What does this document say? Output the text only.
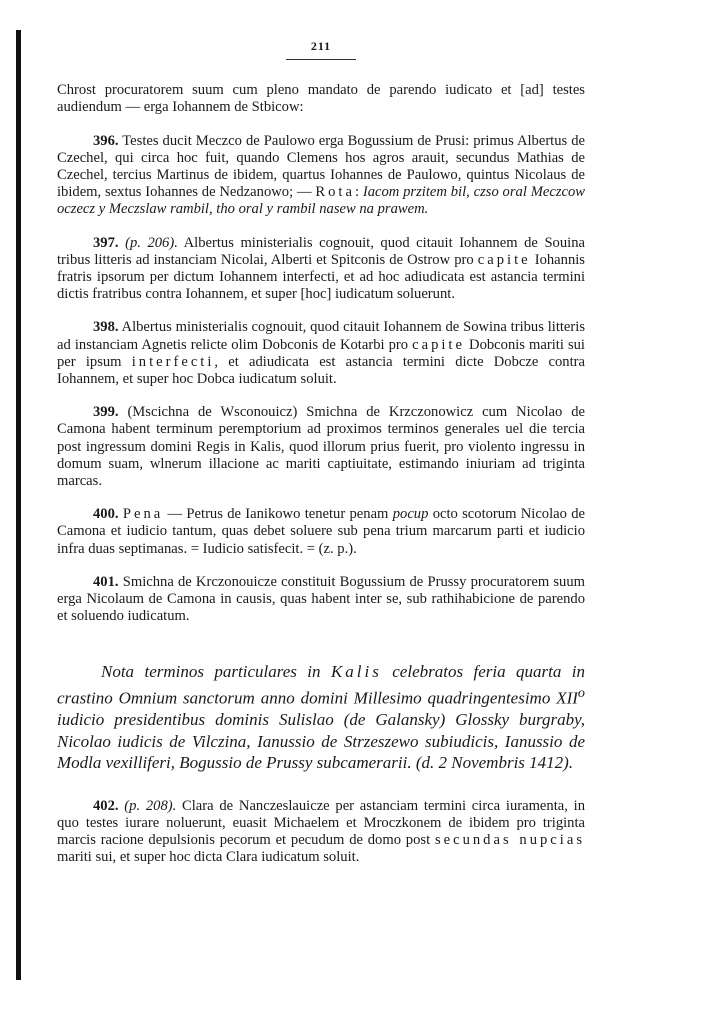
211

Chrost procuratorem suum cum pleno mandato de parendo iudicato et [ad] testes audiendum — erga Iohannem de Stbicow:

396. Testes ducit Meczco de Paulowo erga Bogussium de Prusi: primus Albertus de Czechel, qui circa hoc fuit, quando Clemens hos agros arauit, secundus Mathias de Czechel, tercius Martinus de ibidem, quartus Iohannes de Paulowo, quintus Nicolaus de ibidem, sextus Iohannes de Nedzanowo; — Rota: Iacom przitem bil, czso oral Meczcow oczecz y Meczslaw rambil, tho oral y rambil nasew na prawem.

397. (p. 206). Albertus ministerialis cognouit, quod citauit Iohannem de Souina tribus litteris ad instanciam Nicolai, Alberti et Spitconis de Ostrow pro capite Iohannis fratris ipsorum per dictum Iohannem interfecti, et ad hoc adiudicata est astancia termini dictis fratribus contra Iohannem, et super [hoc] iudicatum soluerunt.

398. Albertus ministerialis cognouit, quod citauit Iohannem de Sowina tribus litteris ad instanciam Agnetis relicte olim Dobconis de Kotarbi pro capite Dobconis mariti sui per ipsum interfecti, et adiudicata est astancia termini dicte Dobcze contra Iohannem, et super hoc Dobca iudicatum soluit.

399. (Mscichna de Wsconouicz) Smichna de Krzczonowicz cum Nicolao de Camona habent terminum peremptorium ad proximos terminos generales uel die tercia post ingressum domini Regis in Kalis, quod illorum prius fuerit, pro violento ingressu in domum suam, wlnerum illacione ac mariti captiuitate, estimando iniuriam ad triginta marcas.

400. Pena — Petrus de Ianikowo tenetur penam pocup octo scotorum Nicolao de Camona et iudicio tantum, quas debet soluere sub pena trium marcarum parti et iudicio infra duas septimanas. = Iudicio satisfecit. = (z. p.).

401. Smichna de Krczonouicze constituit Bogussium de Prussy procuratorem suum erga Nicolaum de Camona in causis, quas habent inter se, sub rathihabicione de parendo et soluendo iudicatum.

Nota terminos particulares in Kalis celebratos feria quarta in crastino Omnium sanctorum anno domini Millesimo quadringentesimo XII$^o$ iudicio presidentibus dominis Sulislao (de Galansky) Glossky burgraby, Nicolao iudicis de Vilczina, Ianussio de Strzeszewo subiudicis, Ianussio de Modla vexilliferi, Bogussio de Prussy subcamerarii. (d. 2 Novembris 1412).

402. (p. 208). Clara de Nanczeslauicze per astanciam termini circa iuramenta, in quo testes iurare noluerunt, euasit Michaelem et Mroczkonem de ibidem pro triginta marcis racione depulsionis pecorum et pecudum de domo post secundas nupcias mariti sui, et super hoc dicta Clara iudicatum soluit.
